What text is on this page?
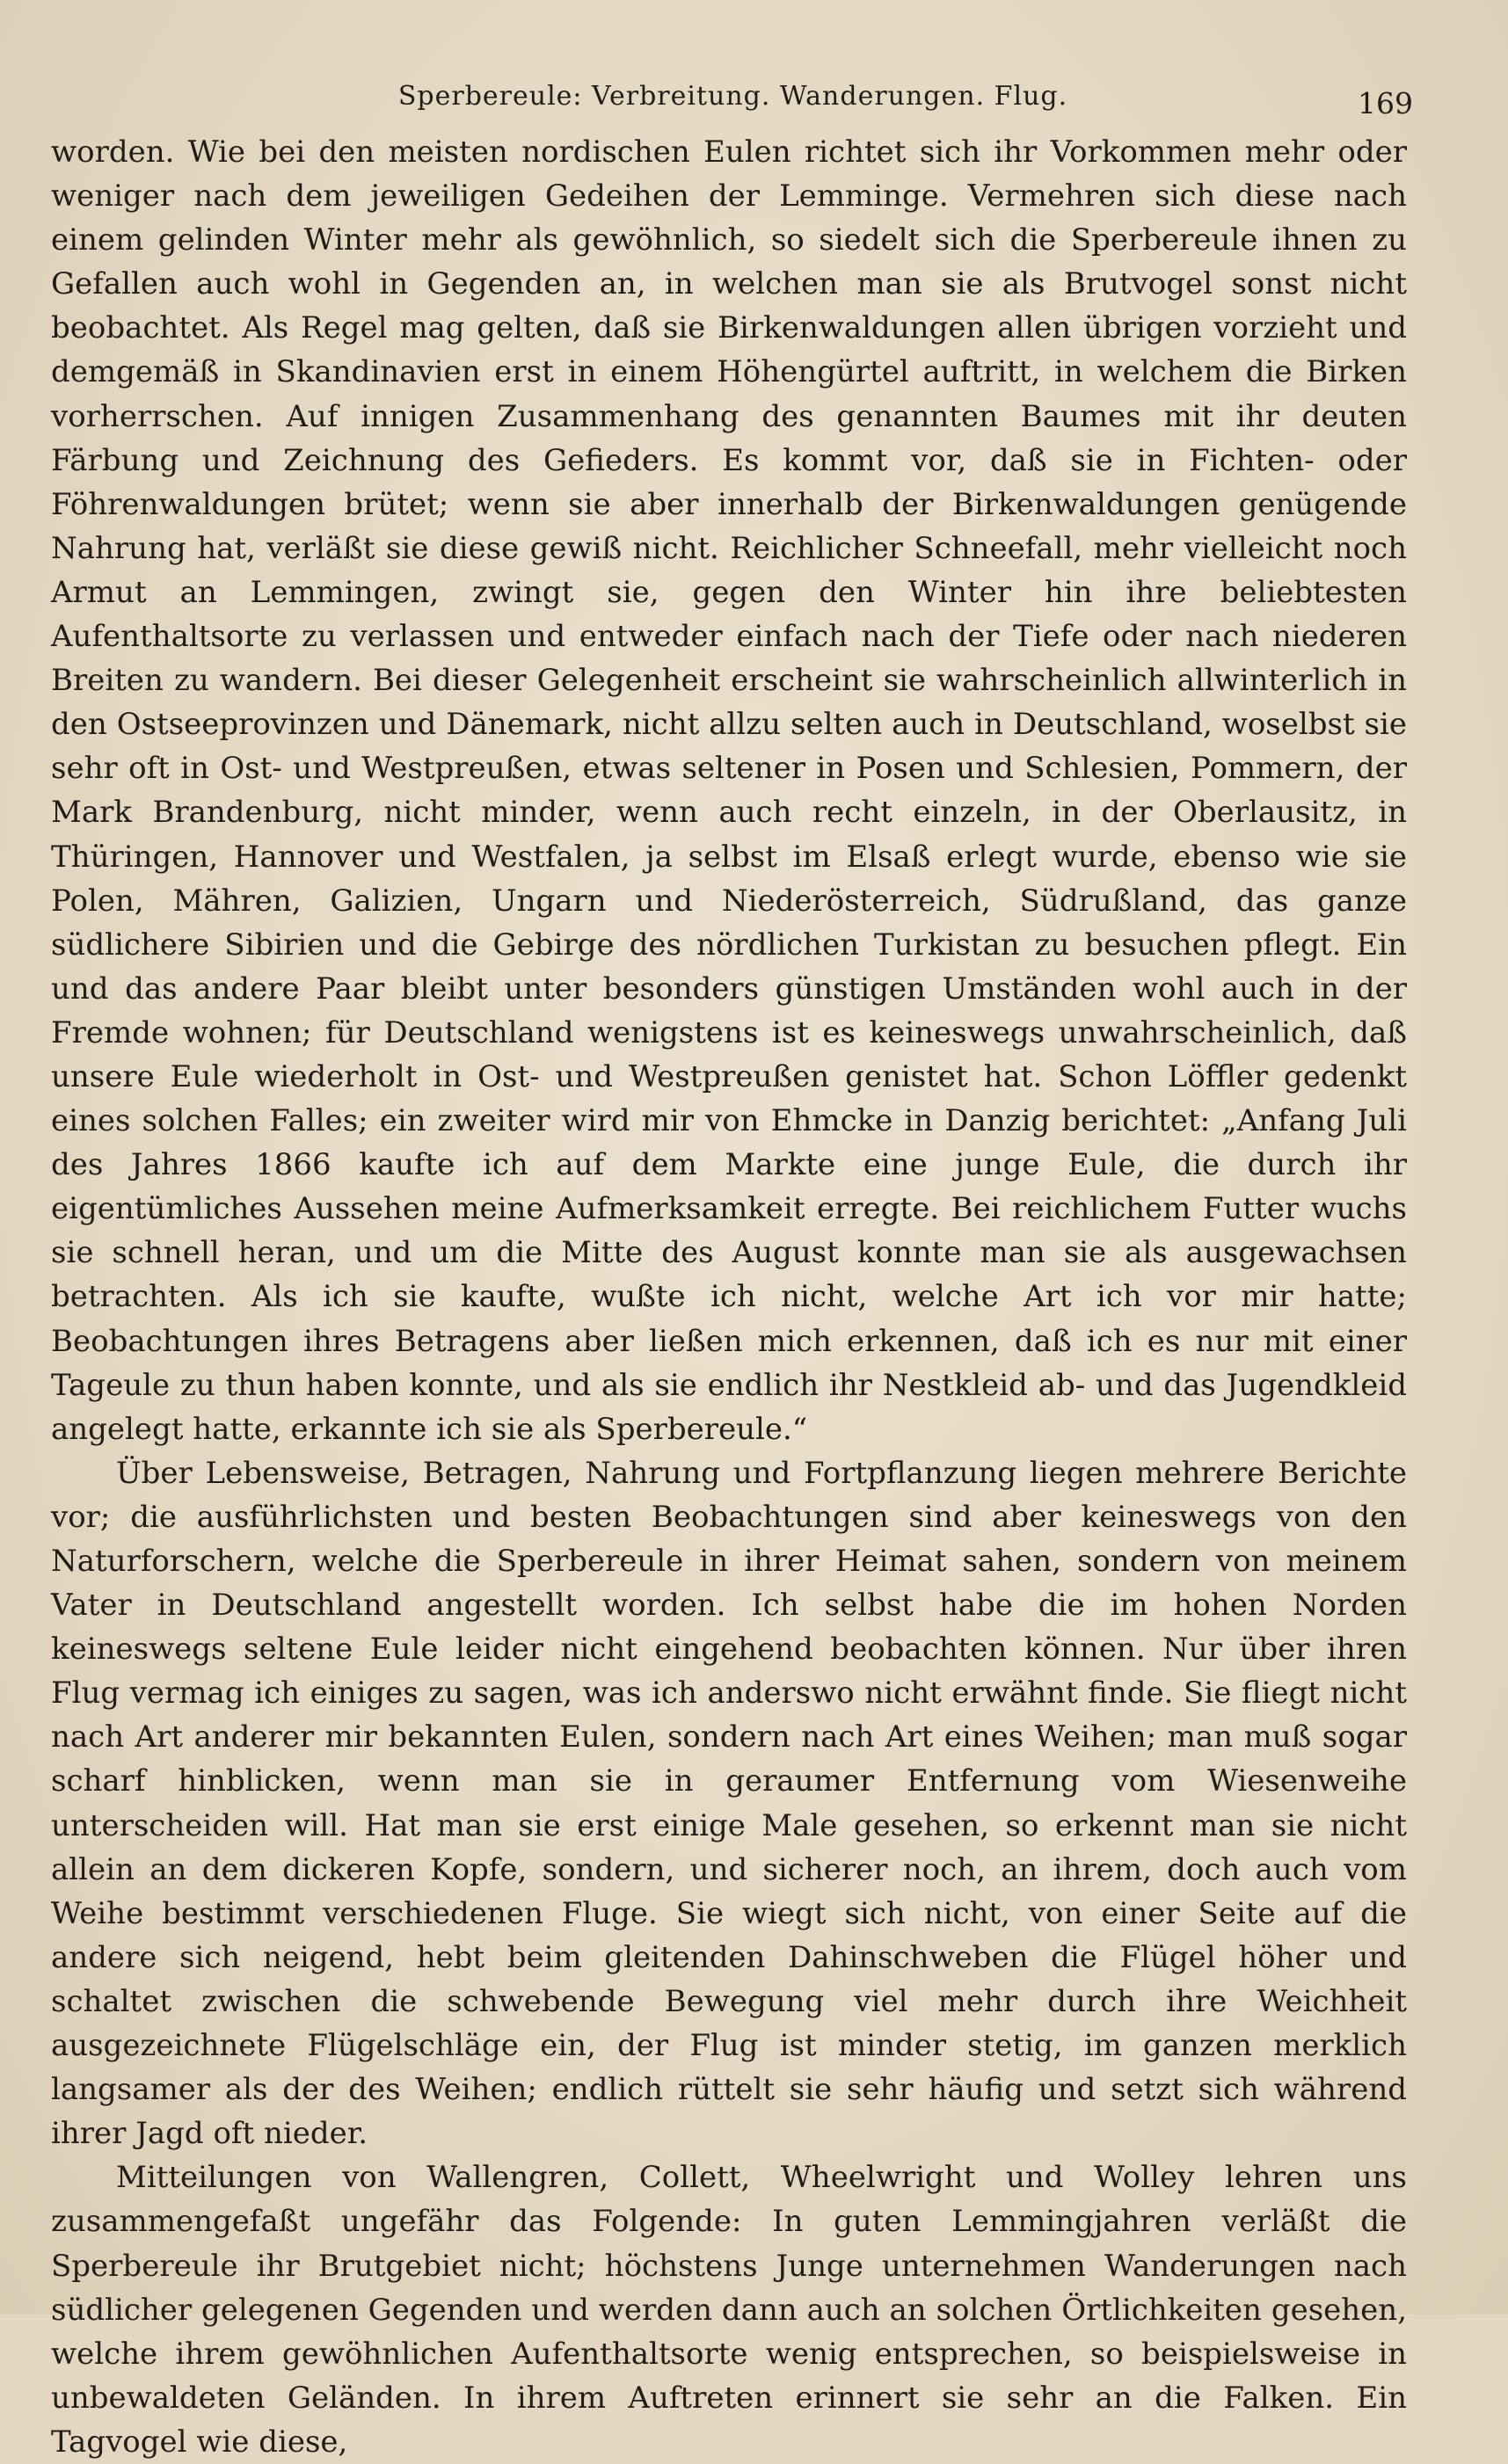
Sperbereule: Verbreitung. Wanderungen. Flug.	169

worden. Wie bei den meisten nordischen Eulen richtet sich ihr Vorkommen mehr oder weniger nach dem jeweiligen Gedeihen der Lemminge. Vermehren sich diese nach einem gelinden Winter mehr als gewöhnlich, so siedelt sich die Sperbereule ihnen zu Gefallen auch wohl in Gegenden an, in welchen man sie als Brutvogel sonst nicht beobachtet. Als Regel mag gelten, daß sie Birkenwaldungen allen übrigen vorzieht und demgemäß in Skandinavien erst in einem Höhengürtel auftritt, in welchem die Birken vorherrschen. Auf innigen Zusammenhang des genannten Baumes mit ihr deuten Färbung und Zeichnung des Gefieders. Es kommt vor, daß sie in Fichten- oder Föhrenwaldungen brütet; wenn sie aber innerhalb der Birkenwaldungen genügende Nahrung hat, verläßt sie diese gewiß nicht. Reichlicher Schneefall, mehr vielleicht noch Armut an Lemmingen, zwingt sie, gegen den Winter hin ihre beliebtesten Aufenthaltsorte zu verlassen und entweder einfach nach der Tiefe oder nach niederen Breiten zu wandern. Bei dieser Gelegenheit erscheint sie wahrscheinlich allwinterlich in den Ostseeprovinzen und Dänemark, nicht allzu selten auch in Deutschland, woselbst sie sehr oft in Ost- und Westpreußen, etwas seltener in Posen und Schlesien, Pommern, der Mark Brandenburg, nicht minder, wenn auch recht einzeln, in der Oberlausitz, in Thüringen, Hannover und Westfalen, ja selbst im Elsaß erlegt wurde, ebenso wie sie Polen, Mähren, Galizien, Ungarn und Niederösterreich, Südrußland, das ganze südlichere Sibirien und die Gebirge des nördlichen Turkistan zu besuchen pflegt. Ein und das andere Paar bleibt unter besonders günstigen Umständen wohl auch in der Fremde wohnen; für Deutschland wenigstens ist es keineswegs unwahrscheinlich, daß unsere Eule wiederholt in Ost- und Westpreußen genistet hat. Schon Löffler gedenkt eines solchen Falles; ein zweiter wird mir von Ehmcke in Danzig berichtet: „Anfang Juli des Jahres 1866 kaufte ich auf dem Markte eine junge Eule, die durch ihr eigentümliches Aussehen meine Aufmerksamkeit erregte. Bei reichlichem Futter wuchs sie schnell heran, und um die Mitte des August konnte man sie als ausgewachsen betrachten. Als ich sie kaufte, wußte ich nicht, welche Art ich vor mir hatte; Beobachtungen ihres Betragens aber ließen mich erkennen, daß ich es nur mit einer Tageule zu thun haben konnte, und als sie endlich ihr Nestkleid ab- und das Jugendkleid angelegt hatte, erkannte ich sie als Sperbereule.“

Über Lebensweise, Betragen, Nahrung und Fortpflanzung liegen mehrere Berichte vor; die ausführlichsten und besten Beobachtungen sind aber keineswegs von den Naturforschern, welche die Sperbereule in ihrer Heimat sahen, sondern von meinem Vater in Deutschland angestellt worden. Ich selbst habe die im hohen Norden keineswegs seltene Eule leider nicht eingehend beobachten können. Nur über ihren Flug vermag ich einiges zu sagen, was ich anderswo nicht erwähnt finde. Sie fliegt nicht nach Art anderer mir bekannten Eulen, sondern nach Art eines Weihen; man muß sogar scharf hinblicken, wenn man sie in geraumer Entfernung vom Wiesenweihe unterscheiden will. Hat man sie erst einige Male gesehen, so erkennt man sie nicht allein an dem dickeren Kopfe, sondern, und sicherer noch, an ihrem, doch auch vom Weihe bestimmt verschiedenen Fluge. Sie wiegt sich nicht, von einer Seite auf die andere sich neigend, hebt beim gleitenden Dahinschweben die Flügel höher und schaltet zwischen die schwebende Bewegung viel mehr durch ihre Weichheit ausgezeichnete Flügelschläge ein, der Flug ist minder stetig, im ganzen merklich langsamer als der des Weihen; endlich rüttelt sie sehr häufig und setzt sich während ihrer Jagd oft nieder.

Mitteilungen von Wallengren, Collett, Wheelwright und Wolley lehren uns zusammengefaßt ungefähr das Folgende: In guten Lemmingjahren verläßt die Sperbereule ihr Brutgebiet nicht; höchstens Junge unternehmen Wanderungen nach südlicher gelegenen Gegenden und werden dann auch an solchen Örtlichkeiten gesehen, welche ihrem gewöhnlichen Aufenthaltsorte wenig entsprechen, so beispielsweise in unbewaldeten Geländen. In ihrem Auftreten erinnert sie sehr an die Falken. Ein Tagvogel wie diese,
